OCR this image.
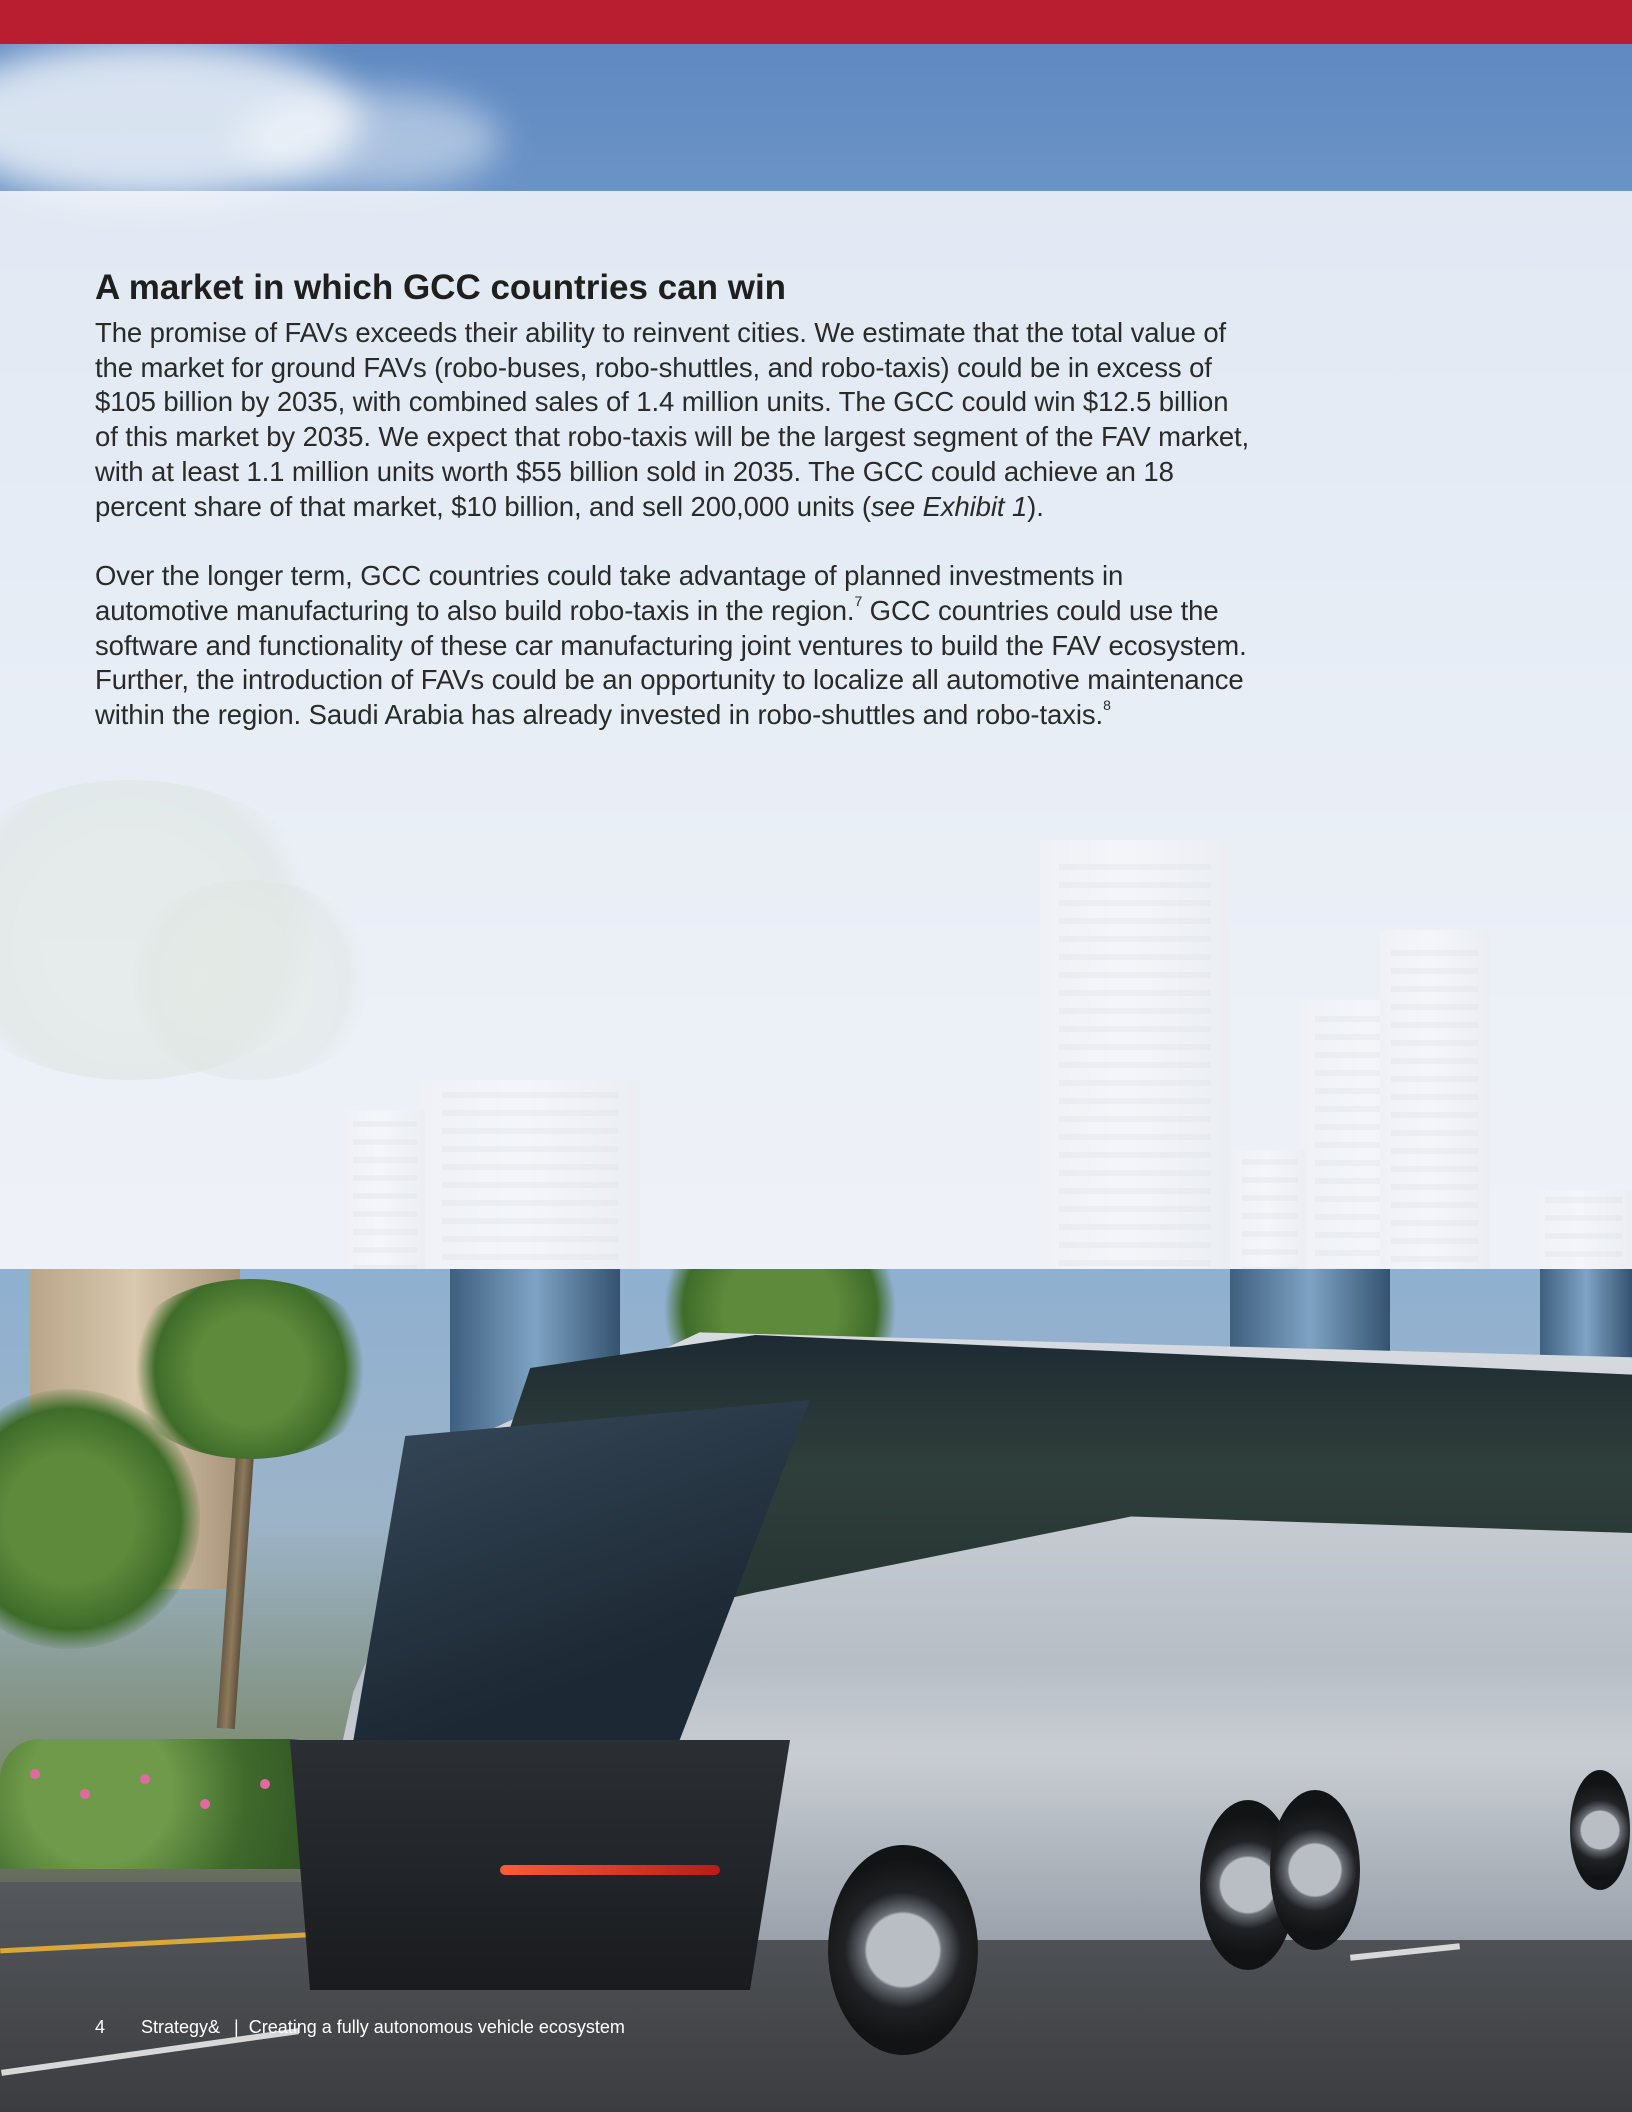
A market in which GCC countries can win

The promise of FAVs exceeds their ability to reinvent cities. We estimate that the total value of the market for ground FAVs (robo-buses, robo-shuttles, and robo-taxis) could be in excess of $105 billion by 2035, with combined sales of 1.4 million units. The GCC could win $12.5 billion of this market by 2035. We expect that robo-taxis will be the largest segment of the FAV market, with at least 1.1 million units worth $55 billion sold in 2035. The GCC could achieve an 18 percent share of that market, $10 billion, and sell 200,000 units (see Exhibit 1).

Over the longer term, GCC countries could take advantage of planned investments in automotive manufacturing to also build robo-taxis in the region.$^7$ GCC countries could use the software and functionality of these car manufacturing joint ventures to build the FAV ecosystem. Further, the introduction of FAVs could be an opportunity to localize all automotive maintenance within the region. Saudi Arabia has already invested in robo-shuttles and robo-taxis.$^8$

4 Strategy& | Creating a fully autonomous vehicle ecosystem
